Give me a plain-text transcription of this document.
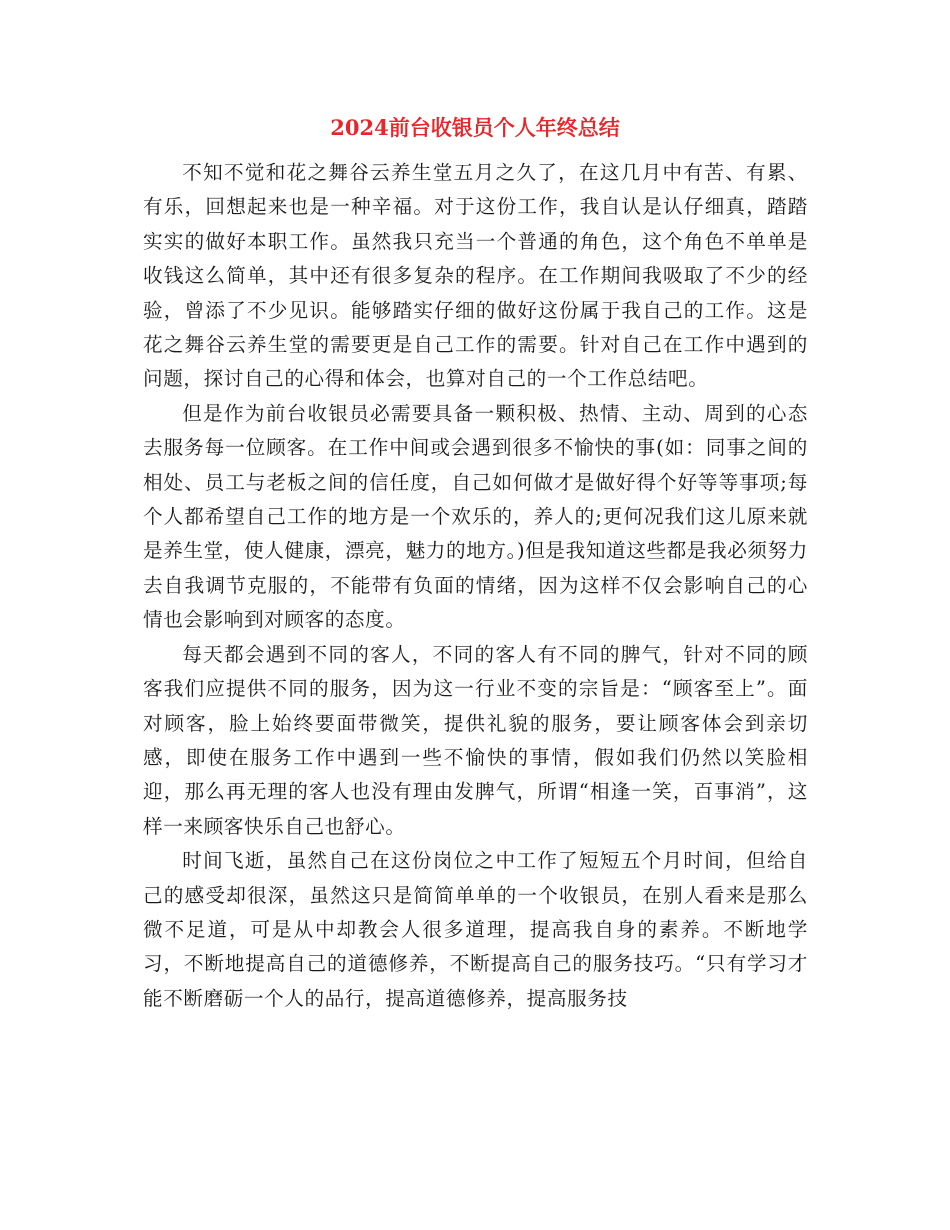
2024前台收银员个人年终总结

不知不觉和花之舞谷云养生堂五月之久了，在这几月中有苦、有累、有乐，回想起来也是一种辛福。对于这份工作，我自认是认仔细真，踏踏实实的做好本职工作。虽然我只充当一个普通的角色，这个角色不单单是收钱这么简单，其中还有很多复杂的程序。在工作期间我吸取了不少的经验，曾添了不少见识。能够踏实仔细的做好这份属于我自己的工作。这是花之舞谷云养生堂的需要更是自己工作的需要。针对自己在工作中遇到的问题，探讨自己的心得和体会，也算对自己的一个工作总结吧。

但是作为前台收银员必需要具备一颗积极、热情、主动、周到的心态去服务每一位顾客。在工作中间或会遇到很多不愉快的事(如：同事之间的相处、员工与老板之间的信任度，自己如何做才是做好得个好等等事项;每个人都希望自己工作的地方是一个欢乐的，养人的;更何况我们这儿原来就是养生堂，使人健康，漂亮，魅力的地方。)但是我知道这些都是我必须努力去自我调节克服的，不能带有负面的情绪，因为这样不仅会影响自己的心情也会影响到对顾客的态度。

每天都会遇到不同的客人，不同的客人有不同的脾气，针对不同的顾客我们应提供不同的服务，因为这一行业不变的宗旨是：“顾客至上”。面对顾客，脸上始终要面带微笑，提供礼貌的服务，要让顾客体会到亲切感，即使在服务工作中遇到一些不愉快的事情，假如我们仍然以笑脸相迎，那么再无理的客人也没有理由发脾气，所谓“相逢一笑，百事消”，这样一来顾客快乐自己也舒心。

时间飞逝，虽然自己在这份岗位之中工作了短短五个月时间，但给自己的感受却很深，虽然这只是简简单单的一个收银员，在别人看来是那么微不足道，可是从中却教会人很多道理，提高我自身的素养。不断地学习，不断地提高自己的道德修养，不断提高自己的服务技巧。“只有学习才能不断磨砺一个人的品行，提高道德修养，提高服务技
